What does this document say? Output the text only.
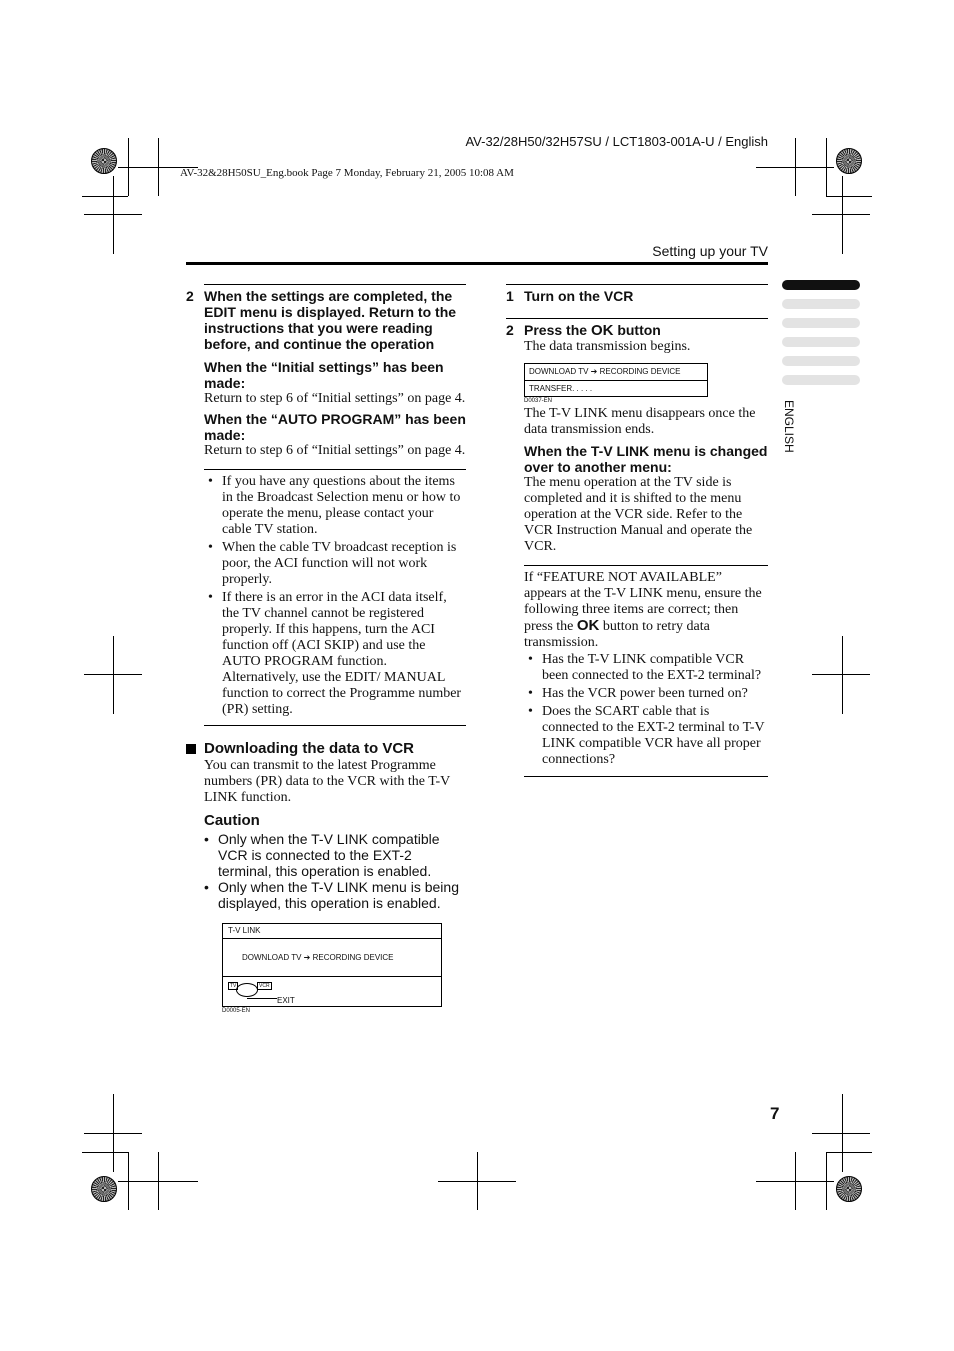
AV-32/28H50/32H57SU / LCT1803-001A-U / English
AV-32&28H50SU_Eng.book Page 7 Monday, February 21, 2005 10:08 AM
Setting up your TV
2 When the settings are completed, the EDIT menu is displayed. Return to the instructions that you were reading before, and continue the operation
When the “Initial settings” has been made:
Return to step 6 of “Initial settings” on page 4.
When the “AUTO PROGRAM” has been made:
Return to step 6 of “Initial settings” on page 4.
• If you have any questions about the items in the Broadcast Selection menu or how to operate the menu, please contact your cable TV station.
• When the cable TV broadcast reception is poor, the ACI function will not work properly.
• If there is an error in the ACI data itself, the TV channel cannot be registered properly. If this happens, turn the ACI function off (ACI SKIP) and use the AUTO PROGRAM function. Alternatively, use the EDIT/ MANUAL function to correct the Programme number (PR) setting.
Downloading the data to VCR
You can transmit to the latest Programme numbers (PR) data to the VCR with the T-V LINK function.
Caution
• Only when the T-V LINK compatible VCR is connected to the EXT-2 terminal, this operation is enabled.
• Only when the T-V LINK menu is being displayed, this operation is enabled.
T-V LINK
DOWNLOAD TV ➔ RECORDING DEVICE
TV	VCR
EXIT
D0005-EN
1 Turn on the VCR
2 Press the OK button
The data transmission begins.
DOWNLOAD TV ➔ RECORDING DEVICE
TRANSFER. . . . .
D0037-EN
The T-V LINK menu disappears once the data transmission ends.
When the T-V LINK menu is changed over to another menu:
The menu operation at the TV side is completed and it is shifted to the menu operation at the VCR side. Refer to the VCR Instruction Manual and operate the VCR.
If “FEATURE NOT AVAILABLE” appears at the T-V LINK menu, ensure the following three items are correct; then press the OK button to retry data transmission.
• Has the T-V LINK compatible VCR been connected to the EXT-2 terminal?
• Has the VCR power been turned on?
• Does the SCART cable that is connected to the EXT-2 terminal to T-V LINK compatible VCR have all proper connections?
ENGLISH
7
